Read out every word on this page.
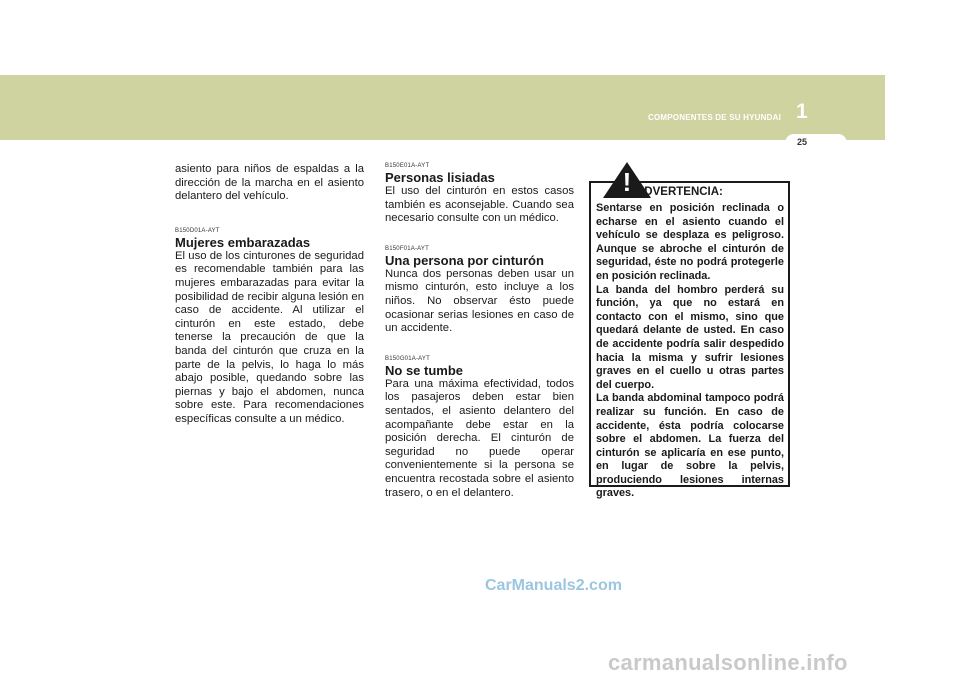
COMPONENTES DE SU HYUNDAI 1
25

asiento para niños de espaldas a la dirección de la marcha en el asiento delantero del vehículo.

B150D01A-AYT

Mujeres embarazadas

El uso de los cinturones de seguridad es recomendable también para las mujeres embarazadas para evitar la posibilidad de recibir alguna lesión en caso de accidente. Al utilizar el cinturón en este estado, debe tenerse la precaución de que la banda del cinturón que cruza en la parte de la pelvis, lo haga lo más abajo posible, quedando sobre las piernas y bajo el abdomen, nunca sobre este. Para recomendaciones específicas consulte a un médico.

B150E01A-AYT

Personas lisiadas

El uso del cinturón en estos casos también es aconsejable. Cuando sea necesario consulte con un médico.

B150F01A-AYT

Una persona por cinturón

Nunca dos personas deben usar un mismo cinturón, esto incluye a los niños. No observar ésto puede ocasionar serias lesiones en caso de un accidente.

B150G01A-AYT

No se tumbe

Para una máxima efectividad, todos los pasajeros deben estar bien sentados, el asiento delantero del acompañante debe estar en la posición derecha. El cinturón de seguridad no puede operar convenientemente si la persona se encuentra recostada sobre el asiento trasero, o en el delantero.

! ADVERTENCIA:
Sentarse en posición reclinada o echarse en el asiento cuando el vehículo se desplaza es peligroso. Aunque se abroche el cinturón de seguridad, éste no podrá protegerle en posición reclinada.
La banda del hombro perderá su función, ya que no estará en contacto con el mismo, sino que quedará delante de usted. En caso de accidente podría salir despedido hacia la misma y sufrir lesiones graves en el cuello u otras partes del cuerpo.
La banda abdominal tampoco podrá realizar su función. En caso de accidente, ésta podría colocarse sobre el abdomen. La fuerza del cinturón se aplicaría en ese punto, en lugar de sobre la pelvis, produciendo lesiones internas graves.
CarManuals2.com
carmanualsonline.info
